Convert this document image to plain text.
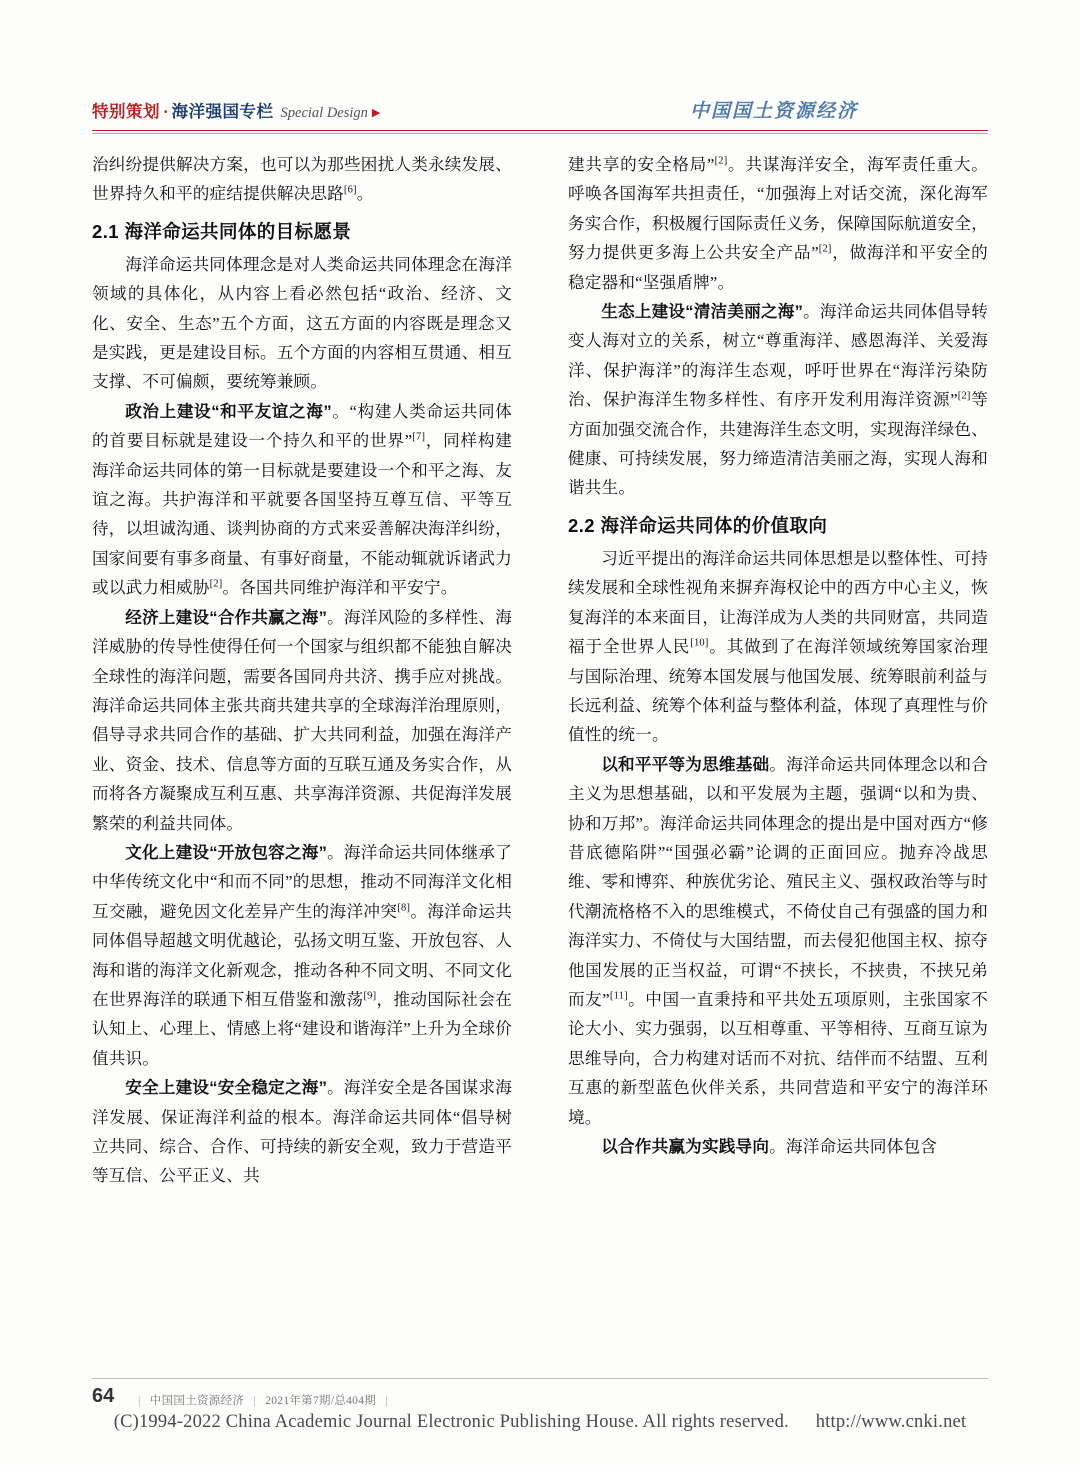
特别策划 · 海洋强国专栏 Special Design ▶	中国国土资源经济

治纠纷提供解决方案，也可以为那些困扰人类永续发展、世界持久和平的症结提供解决思路[6]。

2.1 海洋命运共同体的目标愿景

海洋命运共同体理念是对人类命运共同体理念在海洋领域的具体化，从内容上看必然包括“政治、经济、文化、安全、生态”五个方面，这五方面的内容既是理念又是实践，更是建设目标。五个方面的内容相互贯通、相互支撑、不可偏颇，要统筹兼顾。

政治上建设“和平友谊之海”。“构建人类命运共同体的首要目标就是建设一个持久和平的世界”[7]，同样构建海洋命运共同体的第一目标就是要建设一个和平之海、友谊之海。共护海洋和平就要各国坚持互尊互信、平等互待，以坦诚沟通、谈判协商的方式来妥善解决海洋纠纷，国家间要有事多商量、有事好商量，不能动辄就诉诸武力或以武力相威胁[2]。各国共同维护海洋和平安宁。

经济上建设“合作共赢之海”。海洋风险的多样性、海洋威胁的传导性使得任何一个国家与组织都不能独自解决全球性的海洋问题，需要各国同舟共济、携手应对挑战。海洋命运共同体主张共商共建共享的全球海洋治理原则，倡导寻求共同合作的基础、扩大共同利益，加强在海洋产业、资金、技术、信息等方面的互联互通及务实合作，从而将各方凝聚成互利互惠、共享海洋资源、共促海洋发展繁荣的利益共同体。

文化上建设“开放包容之海”。海洋命运共同体继承了中华传统文化中“和而不同”的思想，推动不同海洋文化相互交融，避免因文化差异产生的海洋冲突[8]。海洋命运共同体倡导超越文明优越论，弘扬文明互鉴、开放包容、人海和谐的海洋文化新观念，推动各种不同文明、不同文化在世界海洋的联通下相互借鉴和激荡[9]，推动国际社会在认知上、心理上、情感上将“建设和谐海洋”上升为全球价值共识。

安全上建设“安全稳定之海”。海洋安全是各国谋求海洋发展、保证海洋利益的根本。海洋命运共同体“倡导树立共同、综合、合作、可持续的新安全观，致力于营造平等互信、公平正义、共

建共享的安全格局”[2]。共谋海洋安全，海军责任重大。呼唤各国海军共担责任，“加强海上对话交流，深化海军务实合作，积极履行国际责任义务，保障国际航道安全，努力提供更多海上公共安全产品”[2]，做海洋和平安全的稳定器和“坚强盾牌”。

生态上建设“清洁美丽之海”。海洋命运共同体倡导转变人海对立的关系，树立“尊重海洋、感恩海洋、关爱海洋、保护海洋”的海洋生态观，呼吁世界在“海洋污染防治、保护海洋生物多样性、有序开发利用海洋资源”[2]等方面加强交流合作，共建海洋生态文明，实现海洋绿色、健康、可持续发展，努力缔造清洁美丽之海，实现人海和谐共生。

2.2 海洋命运共同体的价值取向

习近平提出的海洋命运共同体思想是以整体性、可持续发展和全球性视角来摒弃海权论中的西方中心主义，恢复海洋的本来面目，让海洋成为人类的共同财富，共同造福于全世界人民[10]。其做到了在海洋领域统筹国家治理与国际治理、统筹本国发展与他国发展、统筹眼前利益与长远利益、统筹个体利益与整体利益，体现了真理性与价值性的统一。

以和平平等为思维基础。海洋命运共同体理念以和合主义为思想基础，以和平发展为主题，强调“以和为贵、协和万邦”。海洋命运共同体理念的提出是中国对西方“修昔底德陷阱”“国强必霸”论调的正面回应。抛弃冷战思维、零和博弈、种族优劣论、殖民主义、强权政治等与时代潮流格格不入的思维模式，不倚仗自己有强盛的国力和海洋实力、不倚仗与大国结盟，而去侵犯他国主权、掠夺他国发展的正当权益，可谓“不挟长，不挟贵，不挟兄弟而友”[11]。中国一直秉持和平共处五项原则，主张国家不论大小、实力强弱，以互相尊重、平等相待、互商互谅为思维导向，合力构建对话而不对抗、结伴而不结盟、互利互惠的新型蓝色伙伴关系，共同营造和平安宁的海洋环境。

以合作共赢为实践导向。海洋命运共同体包含

64	| 中国国土资源经济 | 2021年第7期/总404期 |
(C)1994-2022 China Academic Journal Electronic Publishing House. All rights reserved. http://www.cnki.net
